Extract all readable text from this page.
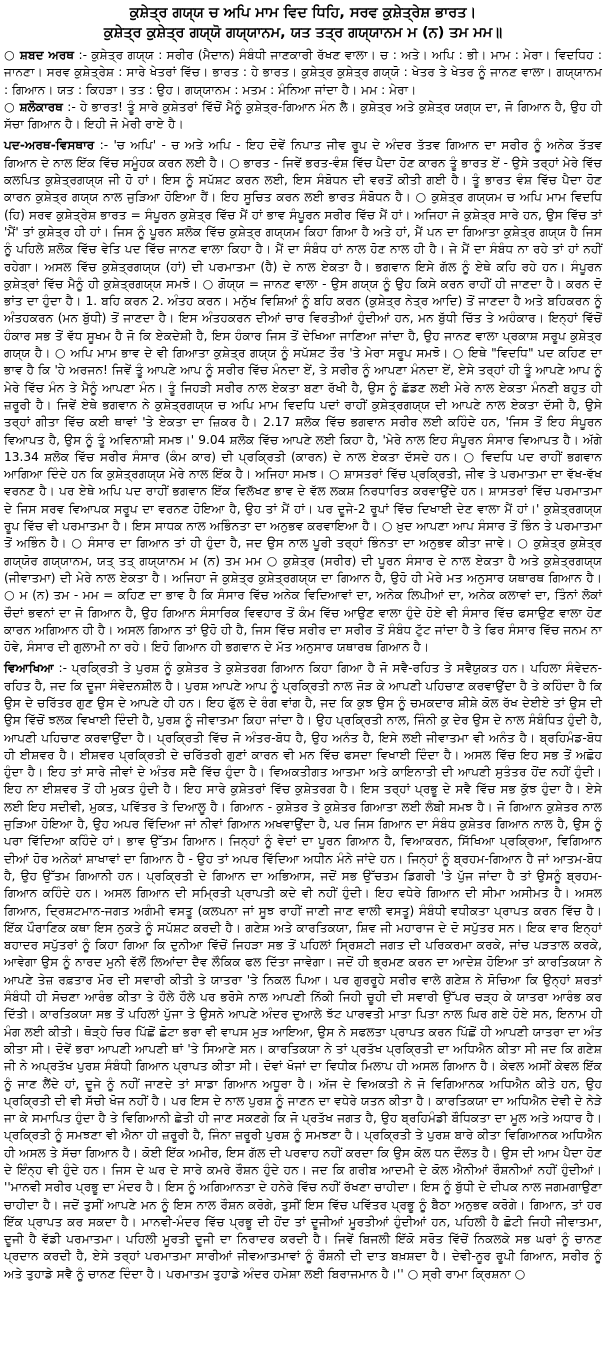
ਕੁਸ਼ੇਤ੍ਰ ਗਯ੍ਯ ਚ ਅਪਿ ਮਾਮ ਵਿਦ ਧਿਹਿ, ਸਰਵ ਕੁਸ਼ੇਤ੍ਰੇਸ਼ ਭਾਰਤ।

ਕੁਸ਼ੇਤ੍ਰ ਕੁਸ਼ੇਤ੍ਰ ਗਯ੍ਯੋ ਗਯ੍ਯਾਨਮ, ਯਤ ਤਤ੍ਰ ਗਯ੍ਯਾਨਮ ਮ (ਨ) ਤਮ ਮਮ॥

○ ਸ਼ਬਦ ਅਰਥ :- ਕੁਸ਼ੇਤ੍ਰ ਗਯ੍ਯ : ਸਰੀਰ (ਮੈਦਾਨ) ਸੰਬੰਧੀ ਜਾਣਕਾਰੀ ਰੱਖਣ ਵਾਲਾ। ਚ : ਅਤੇ। ਅਪਿ : ਭੀ। ਮਾਮ : ਮੇਰਾ। ਵਿਦਧਿਹ : ਜਾਨਣਾ। ਸਰਵ ਕੁਸ਼ੇਤ੍ਰੇਸ਼ : ਸਾਰੇ ਖੇਤਰਾਂ ਵਿੱਚ। ਭਾਰਤ : ਹੇ ਭਾਰਤ। ਕੁਸ਼ੇਤ੍ਰ ਕੁਸ਼ੇਤ੍ਰ ਗਯ੍ਯੋ : ਖੇਤਰ ਤੇ ਖੇਤਰ ਨੂੰ ਜਾਨਣ ਵਾਲਾ। ਗਯ੍ਯਾਨਮ : ਗਿਆਨ। ਯਤ : ਕਿਹੜਾ। ਤਤ : ਉਹ। ਗਯ੍ਯਾਨਮ : ਮਤਮ : ਮੰਨਿਆ ਜਾਂਦਾ ਹੈ। ਮਮ : ਮੇਰਾ।

○ ਸ਼ਲੋਕਾਰਥ :- ਹੇ ਭਾਰਤ! ਤੂੰ ਸਾਰੇ ਕੁਸ਼ੇਤਰਾਂ ਵਿੱਚੋਂ ਮੈਨੂੰ ਕੁਸ਼ੇਤ੍ਰ-ਗਿਆਨ ਮੰਨ ਲੈ। ਕੁਸ਼ੇਤ੍ਰ ਅਤੇ ਕੁਸ਼ੇਤ੍ਰ ਯਗ੍ਯ ਦਾ, ਜੋ ਗਿਆਨ ਹੈ, ਉਹ ਹੀ ਸੱਚਾ ਗਿਆਨ ਹੈ। ਇਹੀ ਜੋ ਮੇਰੀ ਰਾਏ ਹੈ।

ਪਦ-ਅਰਥ-ਵਿਸਥਾਰ :- 'ਚ ਅਪਿ' - ਚ ਅਤੇ ਅਪਿ - ਇਹ ਦੋਵੇਂ ਨਿਪਾਤ ਜੀਵ ਰੂਪ ਦੇ ਅੰਦਰ ਤੱਤਵ ਗਿਆਨ ਦਾ ਸਰੀਰ ਨੂੰ ਅਨੇਕ ਤੱਤਵ ਗਿਆਨ ਦੇ ਨਾਲ ਇੱਕ ਵਿੱਚ ਸਮੂੰਹਕ ਕਰਨ ਲਈ ਹੈ। ○ ਭਾਰਤ - ਜਿਵੇਂ ਭਰਤ-ਵੰਸ਼ ਵਿੱਚ ਪੈਦਾ ਹੋਣ ਕਾਰਨ ਤੂੰ ਭਾਰਤ ਏਂ - ਉਸੇ ਤਰ੍ਹਾਂ ਮੇਰੇ ਵਿੱਚ ਕਲਪਿਤ ਕੁਸ਼ੇਤ੍ਰਗਯ੍ਯ ਜੀ ਹੋ ਹਾਂ। ਇਸ ਨੂੰ ਸਪੱਸ਼ਟ ਕਰਨ ਲਈ, ਇਸ ਸੰਬੋਧਨ ਦੀ ਵਰਤੋਂ ਕੀਤੀ ਗਈ ਹੈ। ਤੂੰ ਭਾਰਤ ਵੰਸ਼ ਵਿੱਚ ਪੈਦਾ ਹੋਣ ਕਾਰਨ ਕੁਸ਼ੇਤ੍ਰ ਗਯ੍ਯ ਨਾਲ ਜੁੜਿਆ ਹੋਇਆ ਹੈਂ। ਇਹ ਸੂਚਿਤ ਕਰਨ ਲਈ ਭਾਰਤ ਸੰਬੋਧਨ ਹੈ। ○ ਕੁਸ਼ੇਤ੍ਰ ਗਯ੍ਯਮ ਚ ਅਪਿ ਮਾਮ ਵਿਦਧਿ (ਹਿ) ਸਰਵ ਕੁਸ਼ੇਤ੍ਰੇਸ਼ ਭਾਰਤ = ਸੰਪੂਰਨ ਕੁਸ਼ੇਤ੍ਰ ਵਿੱਚ ਮੈਂ ਹਾਂ ਭਾਵ ਸੰਪੂਰਨ ਸਰੀਰ ਵਿੱਚ ਮੈਂ ਹਾਂ। ਅਜਿਹਾ ਜੋ ਕੁਸ਼ੇਤ੍ਰ ਸਾਰੇ ਹਨ, ਉਸ ਵਿੱਚ ਤਾਂ 'ਮੈਂ' ਤਾਂ ਕੁਸ਼ੇਤ੍ਰ ਹੀ ਹਾਂ। ਜਿਸ ਨੂੰ ਪੂਰਨ ਸ਼ਲੋਕ ਵਿੱਚ ਕੁਸ਼ੇਤ੍ਰ ਗਯ੍ਯਮ ਕਿਹਾ ਗਿਆ ਹੈ ਅਤੇ ਹਾਂ, ਮੈਂ ਪਨ ਦਾ ਗਿਆਤਾ ਕੁਸ਼ੇਤ੍ਰ ਗਯ੍ਯ ਹੈ ਜਿਸ ਨੂੰ ਪਹਿਲੇ ਸ਼ਲੋਕ ਵਿੱਚ ਵੇਤਿ ਪਦ ਵਿੱਚ ਜਾਨਣ ਵਾਲਾ ਕਿਹਾ ਹੈ। ਮੈਂ ਦਾ ਸੰਬੰਧ ਹਾਂ ਨਾਲ ਹੋਣ ਨਾਲ ਹੀ ਹੈ। ਜੇ ਮੈਂ ਦਾ ਸੰਬੰਧ ਨਾ ਰਹੇ ਤਾਂ ਹਾਂ ਨਹੀਂ ਰਹੇਗਾ। ਅਸਲ ਵਿੱਚ ਕੁਸ਼ੇਤ੍ਰਗਯ੍ਯ (ਹਾਂ) ਦੀ ਪਰਮਾਤਮਾ (ਹੈ) ਦੇ ਨਾਲ ਏਕਤਾ ਹੈ। ਭਗਵਾਨ ਇਸੇ ਗੱਲ ਨੂੰ ਏਥੇ ਕਹਿ ਰਹੇ ਹਨ। ਸੰਪੂਰਨ ਕੁਸ਼ੇਤ੍ਰਾਂ ਵਿੱਚ ਮੈਨੂੰ ਹੀ ਕੁਸ਼ੇਤ੍ਰਗਯ੍ਯ ਸਮਝੋ। ○ ਗੋਯ੍ਯ = ਜਾਨਣ ਵਾਲਾ - ਉਸ ਗਯ੍ਯ ਨੂੰ ਉਹ ਕਿਸੇ ਕਰਨ ਰਾਹੀਂ ਹੀ ਜਾਣਦਾ ਹੈ। ਕਰਨ ਦੋ ਭਾਂਤ ਦਾ ਹੁੰਦਾ ਹੈ। 1. ਬਹਿ ਕਰਨ 2. ਅੰਤਹ ਕਰਨ। ਮਨੁੱਖ ਵਿਸ਼ਿਆਂ ਨੂੰ ਬਹਿ ਕਰਨ (ਕੁਸ਼ੇਤ੍ਰ ਨੇਤ੍ਰ ਆਦਿ) ਤੋਂ ਜਾਣਦਾ ਹੈ ਅਤੇ ਬਹਿਕਰਨ ਨੂੰ ਅੰਤਹਕਰਨ (ਮਨ ਬੁੱਧੀ) ਤੋਂ ਜਾਣਦਾ ਹੈ। ਇਸ ਅੰਤਹਕਰਨ ਦੀਆਂ ਚਾਰ ਵਿਰਤੀਆਂ ਹੁੰਦੀਆਂ ਹਨ, ਮਨ ਬੁੱਧੀ ਚਿੱਤ ਤੇ ਅਹੰਕਾਰ। ਇਨ੍ਹਾਂ ਵਿੱਚੋਂ ਹੰਕਾਰ ਸਭ ਤੋਂ ਵੱਧ ਸੂਖਮ ਹੈ ਜੋ ਕਿ ਏਕਦੇਸ਼ੀ ਹੈ, ਇਸ ਹੰਕਾਰ ਜਿਸ ਤੋਂ ਦੇਖਿਆ ਜਾਣਿਆ ਜਾਂਦਾ ਹੈ, ਉਹ ਜਾਨਣ ਵਾਲਾ ਪ੍ਰਕਾਸ਼ ਸਰੂਪ ਕੁਸ਼ੇਤ੍ਰ ਗਯ੍ਯ ਹੈ। ○ ਅਪਿ ਮਾਮ ਭਾਵ ਦੇ ਵੀ ਗਿਆਤਾ ਕੁਸ਼ੇਤ੍ਰ ਗਯ੍ਯ ਨੂੰ ਸਪੱਸ਼ਟ ਤੌਰ 'ਤੇ ਮੇਰਾ ਸਰੂਪ ਸਮਝੋ। ○ ਇਥੇ "ਵਿਦਧਿ" ਪਦ ਕਹਿਣ ਦਾ ਭਾਵ ਹੈ ਕਿ 'ਹੇ ਅਰਜਨ! ਜਿਵੇਂ ਤੂੰ ਆਪਣੇ ਆਪ ਨੂੰ ਸਰੀਰ ਵਿੱਚ ਮੰਨਦਾ ਏਂ, ਤੇ ਸਰੀਰ ਨੂੰ ਆਪਣਾ ਮੰਨਦਾ ਏਂ, ਏਸੇ ਤਰ੍ਹਾਂ ਹੀ ਤੂੰ ਆਪਣੇ ਆਪ ਨੂੰ ਮੇਰੇ ਵਿੱਚ ਮੰਨ ਤੇ ਮੈਨੂੰ ਆਪਣਾ ਮੰਨ। ਤੂੰ ਜਿਹੜੀ ਸਰੀਰ ਨਾਲ ਏਕਤਾ ਬਣਾ ਰੱਖੀ ਹੈ, ਉਸ ਨੂੰ ਛੱਡਣ ਲਈ ਮੇਰੇ ਨਾਲ ਏਕਤਾ ਮੰਨਣੀ ਬਹੁਤ ਹੀ ਜ਼ਰੂਰੀ ਹੈ। ਜਿਵੇਂ ਏਥੇ ਭਗਵਾਨ ਨੇ ਕੁਸ਼ੇਤ੍ਰਗਯ੍ਯ ਚ ਅਪਿ ਮਾਮ ਵਿਦਧਿ ਪਦਾਂ ਰਾਹੀਂ ਕੁਸ਼ੇਤ੍ਰਗਯ੍ਯ ਦੀ ਆਪਣੇ ਨਾਲ ਏਕਤਾ ਦੱਸੀ ਹੈ, ਉਸੇ ਤਰ੍ਹਾਂ ਗੀਤਾ ਵਿੱਚ ਕਈ ਥਾਵਾਂ 'ਤੇ ਏਕਤਾ ਦਾ ਜ਼ਿਕਰ ਹੈ। 2.17 ਸ਼ਲੋਕ ਵਿੱਚ ਭਗਵਾਨ ਸਰੀਰ ਲਈ ਕਹਿੰਦੇ ਹਨ, 'ਜਿਸ ਤੋਂ ਇਹ ਸੰਪੂਰਨ ਵਿਆਪਤ ਹੈ, ਉਸ ਨੂੰ ਤੂੰ ਅਵਿਨਾਸ਼ੀ ਸਮਝ।' 9.04 ਸ਼ਲੋਕ ਵਿੱਚ ਆਪਣੇ ਲਈ ਕਿਹਾ ਹੈ, 'ਮੇਰੇ ਨਾਲ ਇਹ ਸੰਪੂਰਨ ਸੰਸਾਰ ਵਿਆਪਤ ਹੈ। ਅੱਗੇ 13.34 ਸ਼ਲੋਕ ਵਿੱਚ ਸਰੀਰ ਸੰਸਾਰ (ਕੰਮ ਕਾਰ) ਦੀ ਪ੍ਰਕ੍ਰਿਤੀ (ਕਾਰਨ) ਦੇ ਨਾਲ ਏਕਤਾ ਦੱਸਦੇ ਹਨ। ○ ਵਿਦਧਿ ਪਦ ਰਾਹੀਂ ਭਗਵਾਨ ਆਗਿਆ ਦਿੰਦੇ ਹਨ ਕਿ ਕੁਸ਼ੇਤ੍ਰਗਯ੍ਯ ਮੇਰੇ ਨਾਲ ਇੱਕ ਹੈ। ਅਜਿਹਾ ਸਮਝ। ○ ਸ਼ਾਸਤਰਾਂ ਵਿੱਚ ਪ੍ਰਕ੍ਰਿਤੀ, ਜੀਵ ਤੇ ਪਰਮਾਤਮਾ ਦਾ ਵੱਖ-ਵੱਖ ਵਰਨਣ ਹੈ। ਪਰ ਏਥੇ ਅਪਿ ਪਦ ਰਾਹੀਂ ਭਗਵਾਨ ਇੱਕ ਵਿਲੱਖਣ ਭਾਵ ਦੇ ਵੱਲ ਲਕਸ਼ ਨਿਰਧਾਰਿਤ ਕਰਵਾਉਂਦੇ ਹਨ। ਸ਼ਾਸਤਰਾਂ ਵਿੱਚ ਪਰਮਾਤਮਾ ਦੇ ਜਿਸ ਸਰਵ ਵਿਆਪਕ ਸਰੂਪ ਦਾ ਵਰਨਣ ਹੋਇਆ ਹੈ, ਉਹ ਤਾਂ ਮੈਂ ਹਾਂ। ਪਰ ਦੂਜੇ-2 ਰੂਪਾਂ ਵਿੱਚ ਦਿਖਾਈ ਦੇਣ ਵਾਲਾ ਮੈਂ ਹਾਂ।' ਕੁਸ਼ੇਤ੍ਰਗਯ੍ਯ ਰੂਪ ਵਿੱਚ ਵੀ ਪਰਮਾਤਮਾ ਹੈ। ਇਸ ਸਾਧਕ ਨਾਲ ਅਭਿੰਨਤਾ ਦਾ ਅਨੁਭਵ ਕਰਵਾਇਆ ਹੈ। ○ ਖ਼ੁਦ ਆਪਣਾ ਆਪ ਸੰਸਾਰ ਤੋਂ ਭਿੰਨ ਤੇ ਪਰਮਾਤਮਾ ਤੋਂ ਅਭਿੰਨ ਹੈ। ○ ਸੰਸਾਰ ਦਾ ਗਿਆਨ ਤਾਂ ਹੀ ਹੁੰਦਾ ਹੈ, ਜਦ ਉਸ ਨਾਲ ਪੂਰੀ ਤਰ੍ਹਾਂ ਭਿੰਨਤਾ ਦਾ ਅਨੁਭਵ ਕੀਤਾ ਜਾਵੇ। ○ ਕੁਸ਼ੇਤ੍ਰ ਕੁਸ਼ੇਤ੍ਰ ਗਯ੍ਯੋਰ ਗਯ੍ਯਾਨਮ, ਯਤ੍ ਤਤ੍ ਗਯ੍ਯਾਨਮ ਮ (ਨ) ਤਮ ਮਮ ○ ਕੁਸ਼ੇਤ੍ਰ (ਸਰੀਰ) ਦੀ ਪੂਰਨ ਸੰਸਾਰ ਦੇ ਨਾਲ ਏਕਤਾ ਹੈ ਅਤੇ ਕੁਸ਼ੇਤ੍ਰਗਯ੍ਯ (ਜੀਵਾਤਮਾ) ਦੀ ਮੇਰੇ ਨਾਲ ਏਕਤਾ ਹੈ। ਅਜਿਹਾ ਜੋ ਕੁਸ਼ੇਤ੍ਰ ਕੁਸ਼ੇਤ੍ਰਗਯ੍ਯ ਦਾ ਗਿਆਨ ਹੈ, ਉਹੋ ਹੀ ਮੇਰੇ ਮਤ ਅਨੁਸਾਰ ਯਥਾਰਥ ਗਿਆਨ ਹੈ। ○ ਮ (ਨ) ਤਮ - ਮਮ = ਕਹਿਣ ਦਾ ਭਾਵ ਹੈ ਕਿ ਸੰਸਾਰ ਵਿੱਚ ਅਨੇਕ ਵਿਦਿਆਵਾਂ ਦਾ, ਅਨੇਕ ਲਿਪੀਆਂ ਦਾ, ਅਨੇਕ ਕਲਾਵਾਂ ਦਾ, ਤਿੰਨਾਂ ਲੋਕਾਂ ਚੌਦਾਂ ਭਵਨਾਂ ਦਾ ਜੋ ਗਿਆਨ ਹੈ, ਉਹ ਗਿਆਨ ਸੰਸਾਰਿਕ ਵਿਵਹਾਰ ਤੋਂ ਕੰਮ ਵਿੱਚ ਆਉਣ ਵਾਲਾ ਹੁੰਦੇ ਹੋਏ ਵੀ ਸੰਸਾਰ ਵਿੱਚ ਫਸਾਉਣ ਵਾਲਾ ਹੋਣ ਕਾਰਨ ਅਗਿਆਨ ਹੀ ਹੈ। ਅਸਲ ਗਿਆਨ ਤਾਂ ਉਹੋ ਹੀ ਹੈ, ਜਿਸ ਵਿੱਚ ਸਰੀਰ ਦਾ ਸਰੀਰ ਤੋਂ ਸੰਬੰਧ ਟੁੱਟ ਜਾਂਦਾ ਹੈ ਤੇ ਫਿਰ ਸੰਸਾਰ ਵਿੱਚ ਜਨਮ ਨਾ ਹੋਵੇ, ਸੰਸਾਰ ਦੀ ਗੁਲਾਮੀ ਨਾ ਰਹੇ। ਇਹੋ ਗਿਆਨ ਹੀ ਭਗਵਾਨ ਦੇ ਮੱਤ ਅਨੁਸਾਰ ਯਥਾਰਥ ਗਿਆਨ ਹੈ।

ਵਿਆਖਿਆ :- ਪ੍ਰਕ੍ਰਿਤੀ ਤੇ ਪੁਰਸ਼ ਨੂੰ ਕੁਸ਼ੇਤਰ ਤੇ ਕੁਸ਼ੇਤਰਗ ਗਿਆਨ ਕਿਹਾ ਗਿਆ ਹੈ ਜੋ ਸਵੈ-ਰਹਿਤ ਤੇ ਸਵੈਯੁਕਤ ਹਨ। ਪਹਿਲਾ ਸੰਵੇਦਨ-ਰਹਿਤ ਹੈ, ਜਦ ਕਿ ਦੂਜਾ ਸੰਵੇਦਨਸ਼ੀਲ ਹੈ। ਪੁਰਸ਼ ਆਪਣੇ ਆਪ ਨੂੰ ਪ੍ਰਕ੍ਰਿਤੀ ਨਾਲ ਜੋੜ ਕੇ ਆਪਣੀ ਪਹਿਚਾਣ ਕਰਵਾਉਂਦਾ ਹੈ ਤੇ ਕਹਿੰਦਾ ਹੈ ਕਿ ਉਸ ਦੇ ਚਰਿੱਤਰ ਗੁਣ ਉਸ ਦੇ ਆਪਣੇ ਹੀ ਹਨ। ਇਹ ਫੁੱਲ ਦੇ ਰੰਗ ਵਾਂਗ ਹੈ, ਜਦ ਕਿ ਕੁਝ ਉਸ ਨੂੰ ਚਮਕਦਾਰ ਸ਼ੀਸ਼ੇ ਕੋਲ ਰੱਖ ਦੇਈਏ ਤਾਂ ਉਸ ਦੀ ਉਸ ਵਿੱਚੋਂ ਝਲਕ ਵਿਖਾਈ ਦਿੰਦੀ ਹੈ, ਪੁਰਸ਼ ਨੂੰ ਜੀਵਾਤਮਾ ਕਿਹਾ ਜਾਂਦਾ ਹੈ। ਉਹ ਪ੍ਰਕ੍ਰਿਤੀ ਨਾਲ, ਜਿੰਨੀ ਕੁ ਦੇਰ ਉਸ ਦੇ ਨਾਲ ਸੰਬੰਧਿਤ ਹੁੰਦੀ ਹੈ, ਆਪਣੀ ਪਹਿਚਾਣ ਕਰਵਾਉਂਦਾ ਹੈ। ਪ੍ਰਕ੍ਰਿਤੀ ਵਿੱਚ ਜੋ ਅੰਤਰ-ਬੋਧ ਹੈ, ਉਹ ਅਨੰਤ ਹੈ, ਇਸੇ ਲਈ ਜੀਵਾਤਮਾ ਵੀ ਅਨੰਤ ਹੈ। ਬ੍ਰਹਿਮੰਡ-ਬੋਧ ਹੀ ਈਸ਼ਵਰ ਹੈ। ਈਸ਼ਵਰ ਪ੍ਰਕ੍ਰਿਤੀ ਦੇ ਚਰਿੱਤਰੀ ਗੁਣਾਂ ਕਾਰਨ ਵੀ ਮਨ ਵਿੱਚ ਫਸਦਾ ਵਿਖਾਈ ਦਿੰਦਾ ਹੈ। ਅਸਲ ਵਿੱਚ ਇਹ ਸਭ ਤੋਂ ਅਛੋਹ ਹੁੰਦਾ ਹੈ। ਇਹ ਤਾਂ ਸਾਰੇ ਜੀਵਾਂ ਦੇ ਅੰਤਰ ਸਦੈ ਵਿੱਚ ਹੁੰਦਾ ਹੈ। ਵਿਅਕਤੀਗਤ ਆਤਮਾ ਅਤੇ ਕਾਇਨਾਤੀ ਦੀ ਆਪਣੀ ਸੁਤੰਤਰ ਹੋਂਦ ਨਹੀਂ ਹੁੰਦੀ। ਇਹ ਨਾ ਈਸ਼ਵਰ ਤੋਂ ਹੀ ਮੁਕਤ ਹੁੰਦੀ ਹੈ। ਇਹ ਸਾਰੇ ਕੁਸ਼ੇਤਰਾਂ ਵਿੱਚ ਕੁਸ਼ੇਤਰਗ ਹੈ। ਇਸ ਤਰ੍ਹਾਂ ਪ੍ਰਭੂ ਦੇ ਸਵੈ ਵਿੱਚ ਸਭ ਕੁੱਝ ਹੁੰਦਾ ਹੈ। ਏਸੇ ਲਈ ਇਹ ਸਦੀਵੀ, ਮੁਕਤ, ਪਵਿੱਤਰ ਤੇ ਦਿਆਲੂ ਹੈ। ਗਿਆਨ - ਕੁਸ਼ੇਤਰ ਤੇ ਕੁਸ਼ੇਤਰ ਗਿਆਤਾ ਲਈ ਲੰਬੀ ਸਮਝ ਹੈ। ਜੋ ਗਿਆਨ ਕੁਸ਼ੇਤਰ ਨਾਲ ਜੁੜਿਆ ਹੋਇਆ ਹੈ, ਉਹ ਅਪਰ ਵਿੱਦਿਆ ਜਾਂ ਨੀਵਾਂ ਗਿਆਨ ਅਖਵਾਉਂਦਾ ਹੈ, ਪਰ ਜਿਸ ਗਿਆਨ ਦਾ ਸੰਬੰਧ ਕੁਸ਼ੇਤਰ ਗਿਆਨ ਨਾਲ ਹੈ, ਉਸ ਨੂੰ ਪਰਾ ਵਿੱਦਿਆ ਕਹਿੰਦੇ ਹਾਂ। ਭਾਵ ਉੱਤਮ ਗਿਆਨ। ਜਿਨ੍ਹਾਂ ਨੂੰ ਵੇਦਾਂ ਦਾ ਪੂਰਨ ਗਿਆਨ ਹੈ, ਵਿਆਕਰਨ, ਸਿੱਖਿਆ ਪ੍ਰਕ੍ਰਿਆ, ਵਿਗਿਆਨ ਦੀਆਂ ਹੋਰ ਅਨੇਕਾਂ ਸ਼ਾਖਾਵਾਂ ਦਾ ਗਿਆਨ ਹੈ - ਉਹ ਤਾਂ ਅਪਰ ਵਿੱਦਿਆ ਅਧੀਨ ਮੰਨੇ ਜਾਂਦੇ ਹਨ। ਜਿਨ੍ਹਾਂ ਨੂੰ ਬ੍ਰਹਮ-ਗਿਆਨ ਹੈ ਜਾਂ ਆਤਮ-ਬੋਧ ਹੈ, ਉਹ ਉੱਤਮ ਗਿਆਨੀ ਹਨ। ਪ੍ਰਕ੍ਰਿਤੀ ਦੇ ਗਿਆਨ ਦਾ ਅਭਿਆਸ, ਜਦੋਂ ਸਭ ਉੱਚਤਮ ਡਿਗਰੀ 'ਤੇ ਪੁੱਜ ਜਾਂਦਾ ਹੈ ਤਾਂ ਉਸਨੂੰ ਬ੍ਰਹਮ-ਗਿਆਨ ਕਹਿੰਦੇ ਹਨ। ਅਸਲ ਗਿਆਨ ਦੀ ਸਮ੍ਰਿਤੀ ਪ੍ਰਾਪਤੀ ਕਦੇ ਵੀ ਨਹੀਂ ਹੁੰਦੀ। ਇਹ ਵਧੇਰੇ ਗਿਆਨ ਦੀ ਸੀਮਾ ਅਸੀਮਤ ਹੈ। ਅਸਲ ਗਿਆਨ, ਦ੍ਰਿਸ਼ਟਮਾਨ-ਜਗਤ ਅਗੰਮੀ ਵਸਤੂ (ਕਲਪਨਾ ਜਾਂ ਸੂਝ ਰਾਹੀਂ ਜਾਣੀ ਜਾਣ ਵਾਲੀ ਵਸਤੂ) ਸੰਬੰਧੀ ਵਧੀਕਤਾ ਪ੍ਰਾਪਤ ਕਰਨ ਵਿੱਚ ਹੈ। ਇੱਕ ਪੌਰਾਣਿਕ ਕਥਾ ਇਸ ਨੁਕਤੇ ਨੂੰ ਸਪੱਸ਼ਟ ਕਰਦੀ ਹੈ। ਗਣੇਸ਼ ਅਤੇ ਕਾਰਤਿਕਯਾ, ਸ਼ਿਵ ਜੀ ਮਹਾਰਾਜ ਦੇ ਦੋ ਸਪੁੱਤਰ ਸਨ। ਇਕ ਵਾਰ ਇਨ੍ਹਾਂ ਬਹਾਦਰ ਸਪੁੱਤਰਾਂ ਨੂੰ ਕਿਹਾ ਗਿਆ ਕਿ ਦੁਨੀਆ ਵਿੱਚੋਂ ਜਿਹੜਾ ਸਭ ਤੋਂ ਪਹਿਲਾਂ ਸ੍ਰਿਸ਼ਟੀ ਜਗਤ ਦੀ ਪਰਿਕਰਮਾ ਕਰਕੇ, ਜਾਂਚ ਪੜਤਾਲ ਕਰਕੇ, ਆਵੇਗਾ ਉਸ ਨੂੰ ਨਾਰਦ ਮੁਨੀ ਵੱਲੋਂ ਲਿਆਂਦਾ ਦੈਵ ਲੌਕਿਕ ਫਲ ਦਿੱਤਾ ਜਾਵੇਗਾ। ਜਦੋਂ ਹੀ ਭ੍ਰਮਣ ਕਰਨ ਦਾ ਆਦੇਸ਼ ਹੋਇਆ ਤਾਂ ਕਾਰਤਿਕਯਾ ਨੇ ਆਪਣੇ ਤੇਜ਼ ਰਫ਼ਤਾਰ ਮੋਰ ਦੀ ਸਵਾਰੀ ਕੀਤੀ ਤੇ ਯਾਤਰਾ 'ਤੇ ਨਿਕਲ ਪਿਆ। ਪਰ ਗੁਰਰੂਹੇ ਸਰੀਰ ਵਾਲੇ ਗਣੇਸ਼ ਨੇ ਸੋਚਿਆ ਕਿ ਉਨ੍ਹਾਂ ਸ਼ਰਤਾਂ ਸੰਬੰਧੀ ਹੀ ਸੋਚਣਾ ਆਰੰਭ ਕੀਤਾ ਤੇ ਹੌਲੇ ਹੌਲੇ ਪਰ ਭਰੋਸੇ ਨਾਲ ਆਪਣੀ ਨਿੱਕੀ ਜਿਹੀ ਚੂਹੀ ਦੀ ਸਵਾਰੀ ਉੱਪਰ ਚੜ੍ਹ ਕੇ ਯਾਤਰਾ ਆਰੰਭ ਕਰ ਦਿੱਤੀ। ਕਾਰਤਿਕਯਾ ਸਭ ਤੋਂ ਪਹਿਲਾਂ ਪੁੱਜਾ ਤੇ ਉਸਨੇ ਆਪਣੇ ਅੰਦਰ ਦੁਆਲੇ ਝੱਟ ਪਾਰਵਤੀ ਮਾਤਾ ਪਿਤਾ ਨਾਲ ਘਿਰ ਗਏ ਹੋਏ ਸਨ, ਇਨਾਮ ਹੀ ਮੰਗ ਲਈ ਕੀਤੀ। ਥੋੜ੍ਹੇ ਚਿਰ ਪਿੱਛੋਂ ਛੋਟਾ ਭਰਾ ਵੀ ਵਾਪਸ ਮੁੜ ਆਇਆ, ਉਸ ਨੇ ਸਫਲਤਾ ਪ੍ਰਾਪਤ ਕਰਨ ਪਿੱਛੋਂ ਹੀ ਆਪਣੀ ਯਾਤਰਾ ਦਾ ਅੰਤ ਕੀਤਾ ਸੀ। ਦੋਵੇਂ ਭਰਾ ਆਪਣੀ ਆਪਣੀ ਥਾਂ 'ਤੇ ਸਿਆਣੇ ਸਨ। ਕਾਰਤਿਕਯਾ ਨੇ ਤਾਂ ਪ੍ਰਤੱਖ ਪ੍ਰਕ੍ਰਿਤੀ ਦਾ ਅਧਿਐਨ ਕੀਤਾ ਸੀ ਜਦ ਕਿ ਗਣੇਸ਼ ਜੀ ਨੇ ਅਪ੍ਰਤੱਖ ਪੁਰਸ਼ ਸੰਬੰਧੀ ਗਿਆਨ ਪ੍ਰਾਪਤ ਕੀਤਾ ਸੀ। ਦੋਵਾਂ ਖੋਜਾਂ ਦਾ ਵਿਧੀਕ ਮਿਲਾਪ ਹੀ ਅਸਲ ਗਿਆਨ ਹੈ। ਕੇਵਲ ਅਸੀਂ ਕੇਵਲ ਇੱਕ ਨੂੰ ਜਾਣ ਲੈਂਦੇ ਹਾਂ, ਦੂਜੇ ਨੂੰ ਨਹੀਂ ਜਾਣਦੇ ਤਾਂ ਸਾਡਾ ਗਿਆਨ ਅਧੂਰਾ ਹੈ। ਅੱਜ ਦੇ ਵਿਅਕਤੀ ਨੇ ਜੋ ਵਿਗਿਆਨਕ ਅਧਿਐਨ ਕੀਤੇ ਹਨ, ਉਹ ਪ੍ਰਕ੍ਰਿਤੀ ਦੀ ਵੀ ਸੱਚੀ ਖੋਜ ਨਹੀਂ ਹੈ। ਪਰ ਇਸ ਦੇ ਨਾਲ ਪੁਰਸ਼ ਨੂੰ ਜਾਣਨ ਦਾ ਵਧੇਰੇ ਯਤਨ ਕੀਤਾ ਹੈ। ਕਾਰਤਿਕਯਾ ਦਾ ਅਧਿਐਨ ਦੇਵੀ ਦੇ ਨੇੜੇ ਜਾ ਕੇ ਸਮਾਪਿਤ ਹੁੰਦਾ ਹੈ ਤੇ ਵਿਗਿਆਨੀ ਛੇਤੀ ਹੀ ਜਾਣ ਸਕਣਗੇ ਕਿ ਜੋ ਪ੍ਰਤੱਖ ਜਗਤ ਹੈ, ਉਹ ਬ੍ਰਹਿਮੰਡੀ ਬੌਧਿਕਤਾ ਦਾ ਮੂਲ ਅਤੇ ਅਧਾਰ ਹੈ। ਪ੍ਰਕ੍ਰਿਤੀ ਨੂੰ ਸਮਝਣਾ ਵੀ ਐਨਾ ਹੀ ਜ਼ਰੂਰੀ ਹੈ, ਜਿੰਨਾ ਜ਼ਰੂਰੀ ਪੁਰਸ਼ ਨੂੰ ਸਮਝਣਾ ਹੈ। ਪ੍ਰਕ੍ਰਿਤੀ ਤੇ ਪੁਰਸ਼ ਬਾਰੇ ਕੀਤਾ ਵਿਗਿਆਨਕ ਅਧਿਐਨ ਹੀ ਅਸਲ ਤੇ ਸੱਚਾ ਗਿਆਨ ਹੈ। ਕੋਈ ਇੱਕ ਅਮੀਰ, ਇਸ ਗੱਲ ਦੀ ਪਰਵਾਹ ਨਹੀਂ ਕਰਦਾ ਕਿ ਉਸ ਕੋਲ ਧਨ ਦੌਲਤ ਹੈ। ਉਸ ਦੀ ਆਮ ਪੈਦਾ ਹੋਣ ਦੇ ਇੰਨ੍ਹ ਵੀ ਹੁੰਦੇ ਹਨ। ਜਿਸ ਦੇ ਘਰ ਦੇ ਸਾਰੇ ਕਮਰੇ ਰੌਸ਼ਨ ਹੁੰਦੇ ਹਨ। ਜਦ ਕਿ ਗਰੀਬ ਆਦਮੀ ਦੇ ਕੋਲ ਐਨੀਆਂ ਰੌਸ਼ਨੀਆਂ ਨਹੀਂ ਹੁੰਦੀਆਂ। ''ਮਾਨਵੀ ਸਰੀਰ ਪ੍ਰਭੂ ਦਾ ਮੰਦਰ ਹੈ। ਇਸ ਨੂੰ ਅਗਿਆਨਤਾ ਦੇ ਹਨੇਰੇ ਵਿੱਚ ਨਹੀਂ ਰੱਖਣਾ ਚਾਹੀਦਾ। ਇਸ ਨੂੰ ਬੁੱਧੀ ਦੇ ਦੀਪਕ ਨਾਲ ਜਗਮਗਾਉਣਾ ਚਾਹੀਦਾ ਹੈ। ਜਦੋਂ ਤੁਸੀਂ ਆਪਣੇ ਮਨ ਨੂੰ ਇਸ ਨਾਲ ਰੌਸ਼ਨ ਕਰੋਗੇ, ਤੁਸੀਂ ਇਸ ਵਿੱਚ ਪਵਿੱਤਰ ਪ੍ਰਭੂ ਨੂੰ ਬੈਠਾ ਅਨੁਭਵ ਕਰੋਗੇ। ਗਿਆਨ, ਤਾਂ ਹਰ ਇੱਕ ਪ੍ਰਾਪਤ ਕਰ ਸਕਦਾ ਹੈ। ਮਾਨਵੀ-ਮੰਦਰ ਵਿੱਚ ਪ੍ਰਭੂ ਦੀ ਹੋਂਦ ਤਾਂ ਦੂਜੀਆਂ ਮੂਰਤੀਆਂ ਹੁੰਦੀਆਂ ਹਨ, ਪਹਿਲੀ ਹੈ ਛੋਟੀ ਜਿਹੀ ਜੀਵਾਤਮਾ, ਦੂਜੀ ਹੈ ਵੱਡੀ ਪਰਮਾਤਮਾ। ਪਹਿਲੀ ਮੂਰਤੀ ਦੂਜੀ ਦਾ ਨਿਰਾਦਰ ਕਰਦੀ ਹੈ। ਜਿਵੇਂ ਬਿਜਲੀ ਇੱਕੋ ਸਰੋਤ ਵਿੱਚੋਂ ਨਿਕਲਕੇ ਸਭ ਘਰਾਂ ਨੂੰ ਚਾਨਣ ਪ੍ਰਦਾਨ ਕਰਦੀ ਹੈ, ਏਸੇ ਤਰ੍ਹਾਂ ਪਰਮਾਤਮਾ ਸਾਰੀਆਂ ਜੀਵਆਤਮਾਵਾਂ ਨੂੰ ਰੌਸ਼ਨੀ ਦੀ ਦਾਤ ਬਖ਼ਸ਼ਦਾ ਹੈ। ਦੇਵੀ-ਨੂਰ ਰੂਪੀ ਗਿਆਨ, ਸਰੀਰ ਨੂੰ ਅਤੇ ਤੁਹਾਡੇ ਸਵੈ ਨੂੰ ਚਾਨਣ ਦਿੰਦਾ ਹੈ। ਪਰਮਾਤਮ ਤੁਹਾਡੇ ਅੰਦਰ ਹਮੇਸ਼ਾ ਲਈ ਬਿਰਾਜਮਾਨ ਹੈ।'' ○ ਸ੍ਰੀ ਰਾਮਾ ਕ੍ਰਿਸ਼ਨਾ ○
